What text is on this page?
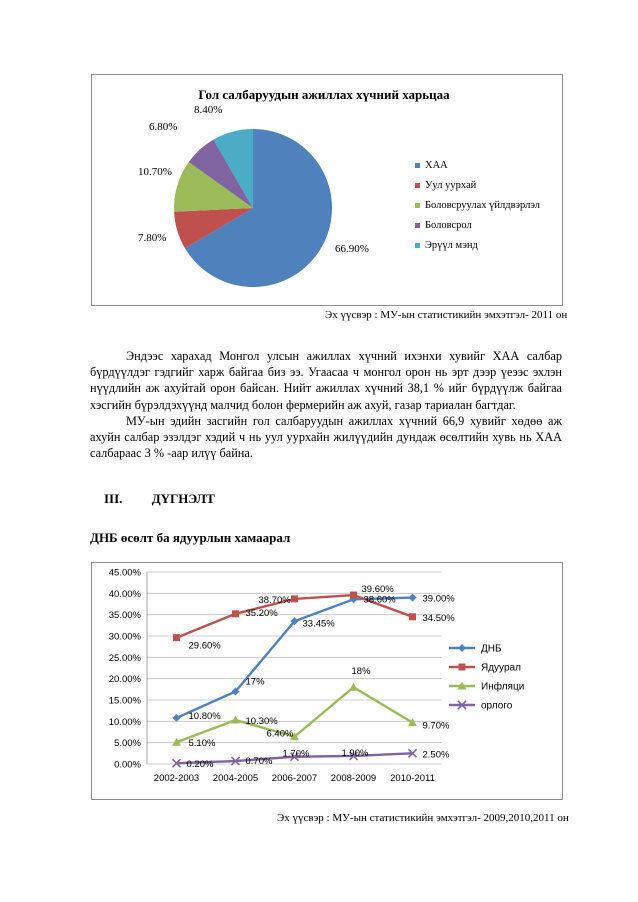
Гол салбаруудын ажиллах хүчний харьцаа
66.90%
7.80%
10.70%
6.80%
8.40%
ХАА
Уул уурхай
Боловсруулах үйлдвэрлэл
Боловсрол
Эрүүл мэнд
Эх үүсвэр : МУ-ын статистикийн эмхэтгэл- 2011 он

Эндээс харахад Монгол улсын ажиллах хүчний ихэнхи хувийг ХАА салбар бүрдүүлдэг гэдгийг харж байгаа биз ээ. Угаасаа ч монгол орон нь эрт дээр үеээс эхлэн нүүдлийн аж ахуйтай орон байсан. Нийт ажиллах хүчний 38,1 % ийг бүрдүүлж байгаа хэсгийн бүрэлдэхүүнд малчид болон фермерийн аж ахуй, газар тариалан багтдаг.

МУ-ын эдийн засгийн гол салбаруудын ажиллах хүчний 66,9 хувийг хөдөө аж ахуйн салбар эзэлдэг хэдий ч нь уул уурхайн жилүүдийн дундаж өсөлтийн хувь нь ХАА салбараас 3 % -аар илүү байна.

III. ДҮГНЭЛТ
ДНБ өсөлт ба ядуурлын хамаарал
0.00%
5.00%
10.00%
15.00%
20.00%
25.00%
30.00%
35.00%
40.00%
45.00%
2002-2003 2004-2005 2006-2007 2008-2009 2010-2011
10.80%
17%
33.45%
38.60%	39.00%
29.60%
35.20%
38.70%
39.60%
34.50%
5.10%
10.30%
6.40%
18%
9.70%
0.20%	0.70%
1.70%	1.90%	2.50%
ДНБ
Ядуурал
Инфляци
орлого
Эх үүсвэр : МУ-ын статистикийн эмхэтгэл- 2009,2010,2011 он
